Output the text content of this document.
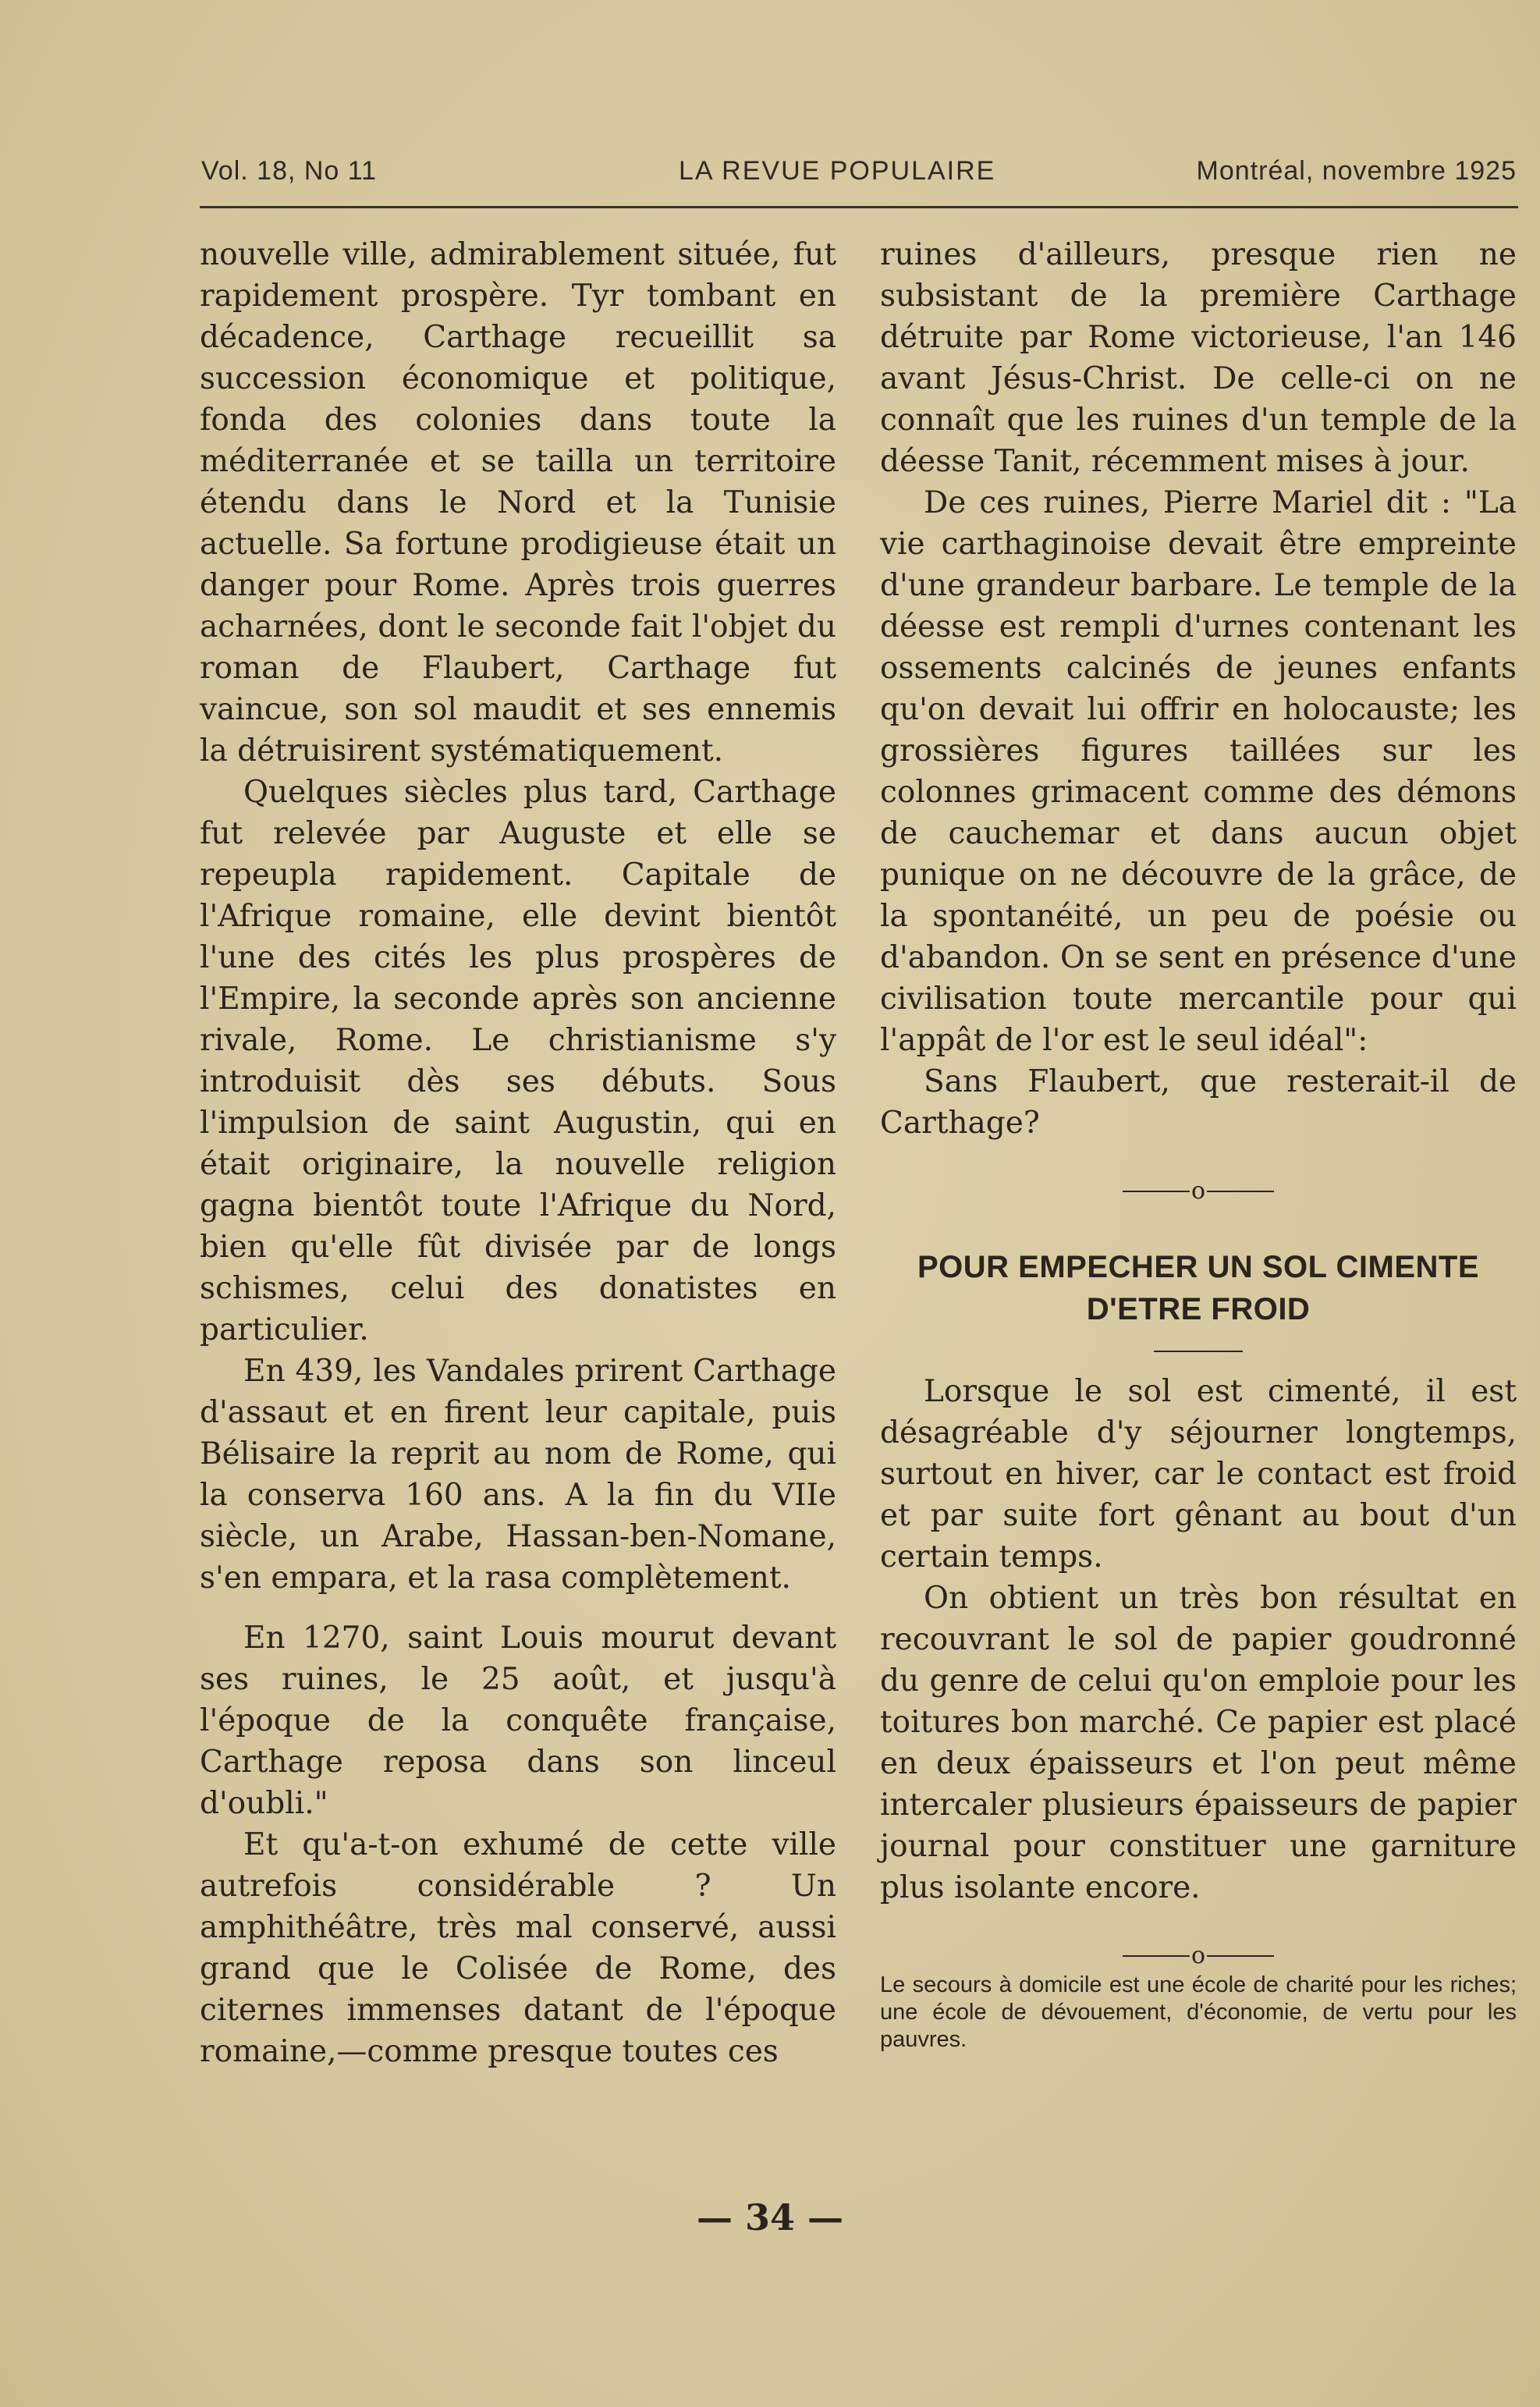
Vol. 18, No 11	LA REVUE POPULAIRE	Montréal, novembre 1925

nouvelle ville, admirablement située, fut rapidement prospère. Tyr tombant en décadence, Carthage recueillit sa succession économique et politique, fonda des colonies dans toute la méditerranée et se tailla un territoire étendu dans le Nord et la Tunisie actuelle. Sa fortune prodigieuse était un danger pour Rome. Après trois guerres acharnées, dont le seconde fait l'objet du roman de Flaubert, Carthage fut vaincue, son sol maudit et ses ennemis la détruisirent systématiquement.

Quelques siècles plus tard, Carthage fut relevée par Auguste et elle se repeupla rapidement. Capitale de l'Afrique romaine, elle devint bientôt l'une des cités les plus prospères de l'Empire, la seconde après son ancienne rivale, Rome. Le christianisme s'y introduisit dès ses débuts. Sous l'impulsion de saint Augustin, qui en était originaire, la nouvelle religion gagna bientôt toute l'Afrique du Nord, bien qu'elle fût divisée par de longs schismes, celui des donatistes en particulier.

En 439, les Vandales prirent Carthage d'assaut et en firent leur capitale, puis Bélisaire la reprit au nom de Rome, qui la conserva 160 ans. A la fin du VIIe siècle, un Arabe, Hassan-ben-Nomane, s'en empara, et la rasa complètement.

En 1270, saint Louis mourut devant ses ruines, le 25 août, et jusqu'à l'époque de la conquête française, Carthage reposa dans son linceul d'oubli."

Et qu'a-t-on exhumé de cette ville autrefois considérable ? Un amphithéâtre, très mal conservé, aussi grand que le Colisée de Rome, des citernes immenses datant de l'époque romaine,—comme presque toutes ces

ruines d'ailleurs, presque rien ne subsistant de la première Carthage détruite par Rome victorieuse, l'an 146 avant Jésus-Christ. De celle-ci on ne connaît que les ruines d'un temple de la déesse Tanit, récemment mises à jour.

De ces ruines, Pierre Mariel dit : "La vie carthaginoise devait être empreinte d'une grandeur barbare. Le temple de la déesse est rempli d'urnes contenant les ossements calcinés de jeunes enfants qu'on devait lui offrir en holocauste; les grossières figures taillées sur les colonnes grimacent comme des démons de cauchemar et dans aucun objet punique on ne découvre de la grâce, de la spontanéité, un peu de poésie ou d'abandon. On se sent en présence d'une civilisation toute mercantile pour qui l'appât de l'or est le seul idéal":

Sans Flaubert, que resterait-il de Carthage?

o
POUR EMPECHER UN SOL CIMENTE
D'ETRE FROID

Lorsque le sol est cimenté, il est désagréable d'y séjourner longtemps, surtout en hiver, car le contact est froid et par suite fort gênant au bout d'un certain temps.

On obtient un très bon résultat en recouvrant le sol de papier goudronné du genre de celui qu'on emploie pour les toitures bon marché. Ce papier est placé en deux épaisseurs et l'on peut même intercaler plusieurs épaisseurs de papier journal pour constituer une garniture plus isolante encore.

o

Le secours à domicile est une école de charité pour les riches; une école de dévouement, d'économie, de vertu pour les pauvres.

— 34 —
